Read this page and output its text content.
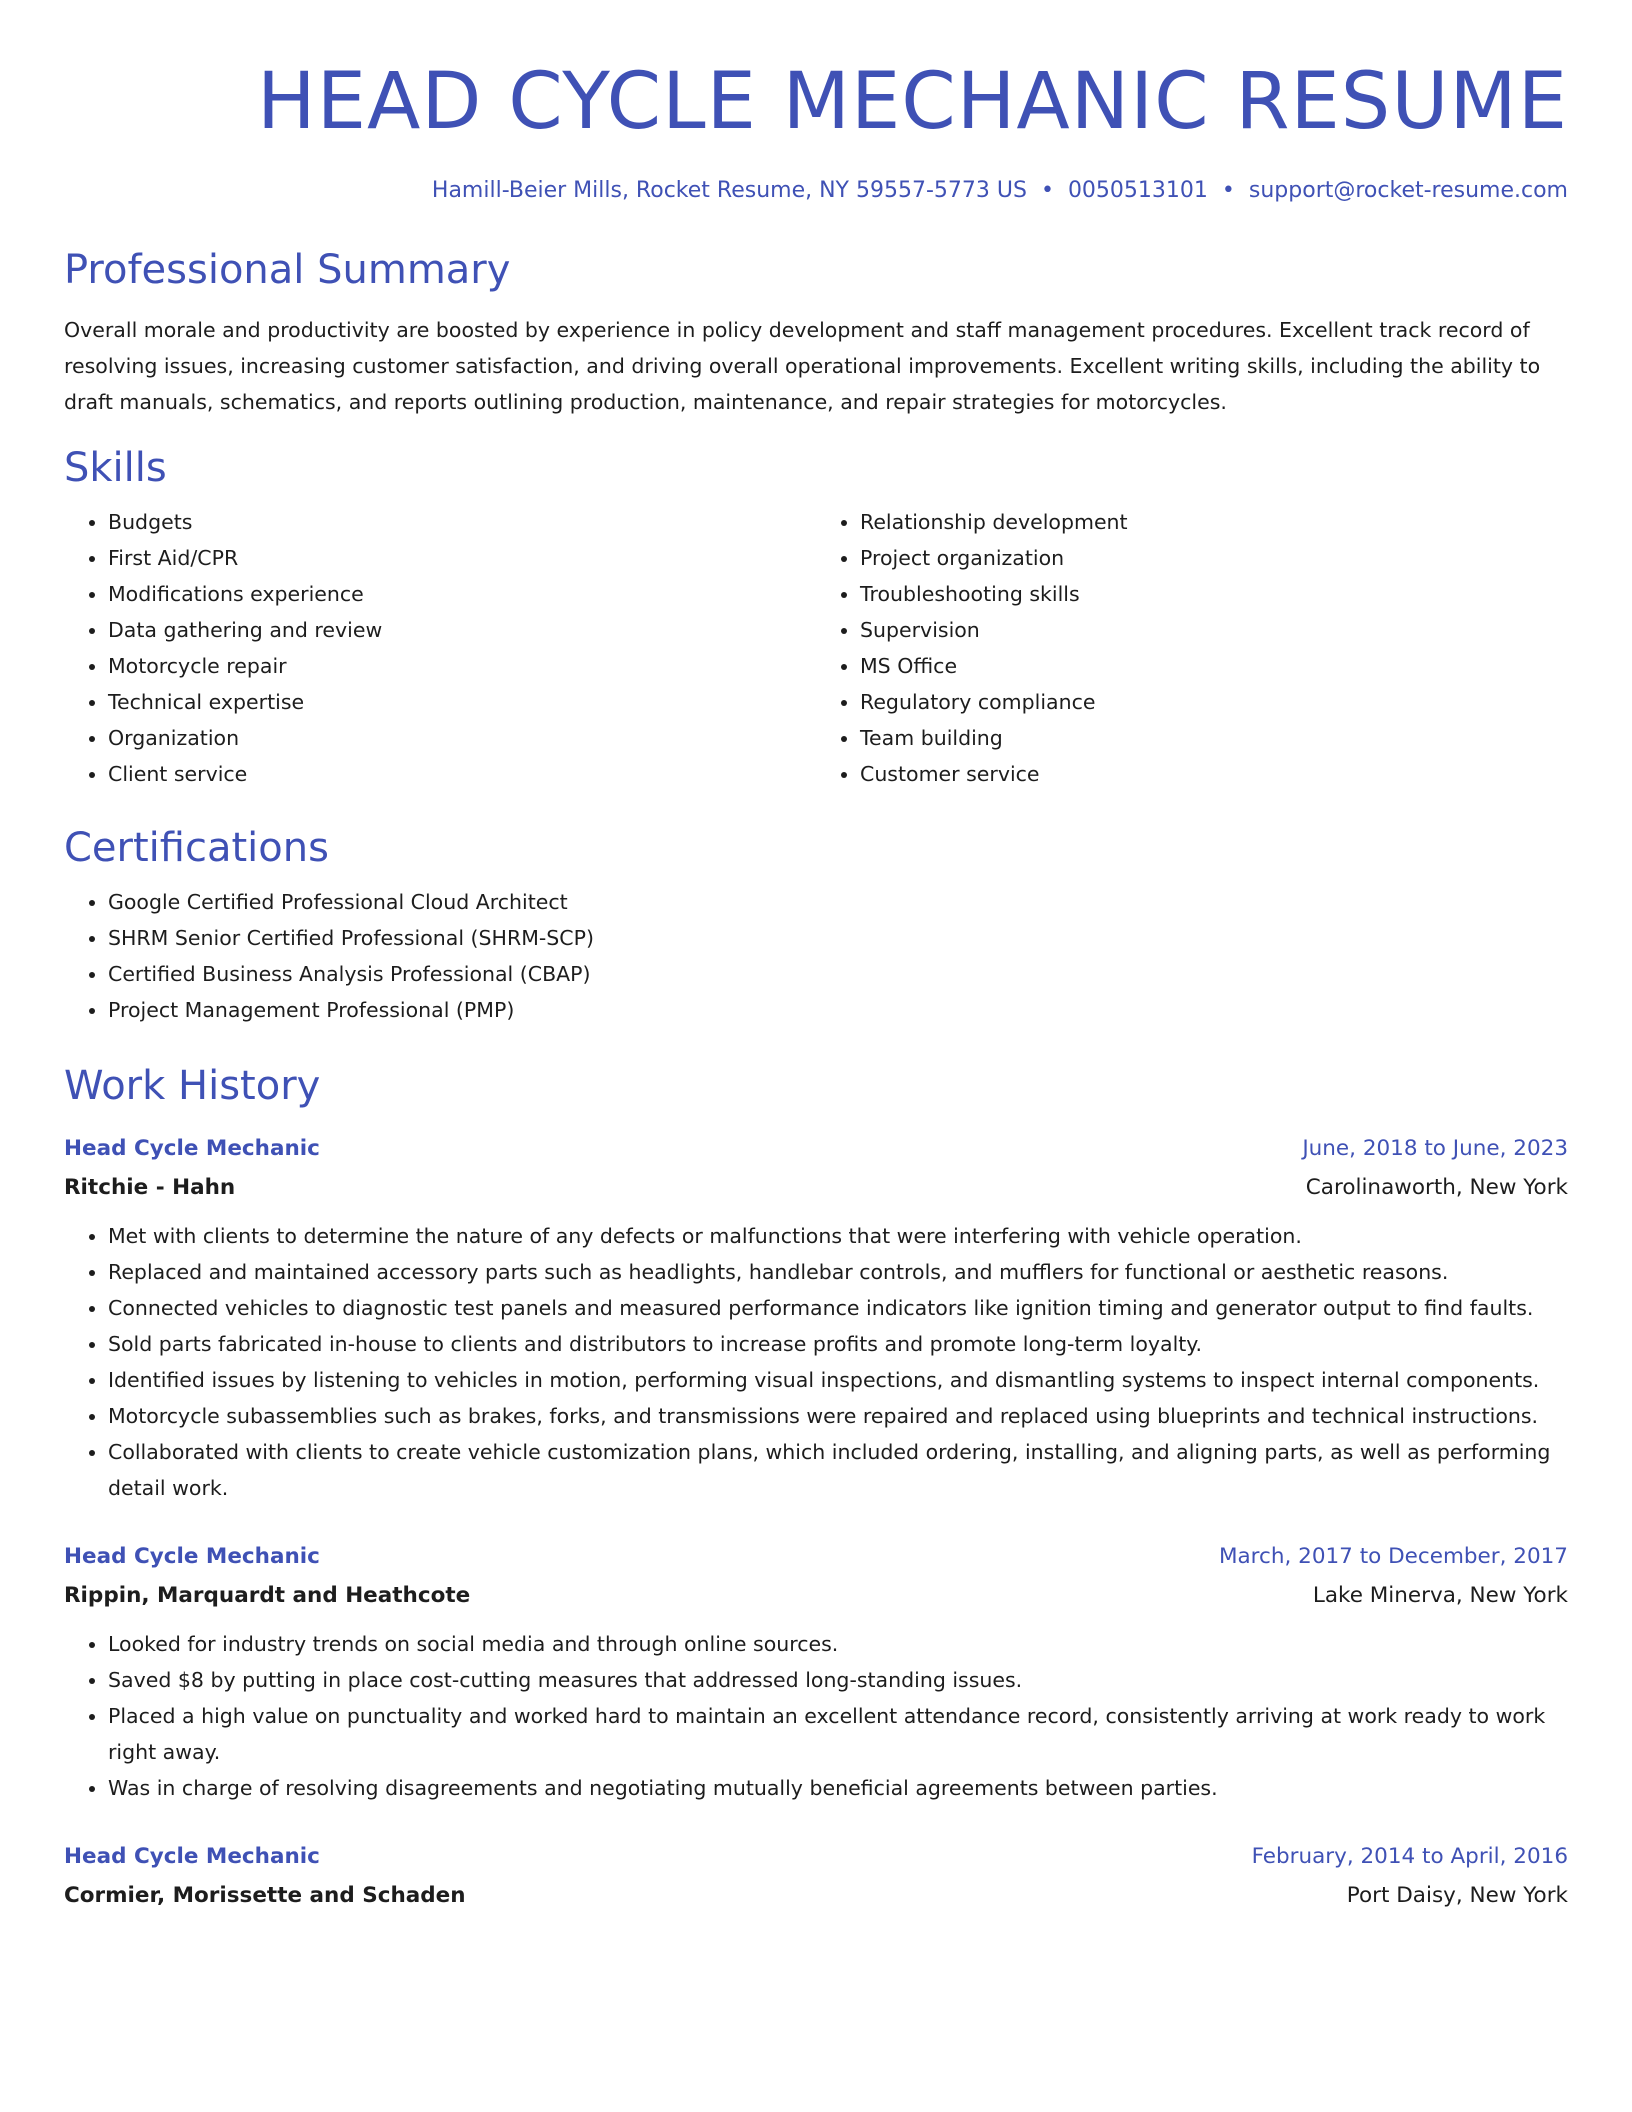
HEAD CYCLE MECHANIC RESUME
Hamill-Beier Mills, Rocket Resume, NY 59557-5773 US • 0050513101 • support@rocket-resume.com
Professional Summary

Overall morale and productivity are boosted by experience in policy development and staff management procedures. Excellent track record of resolving issues, increasing customer satisfaction, and driving overall operational improvements. Excellent writing skills, including the ability to draft manuals, schematics, and reports outlining production, maintenance, and repair strategies for motorcycles.

Skills
• Budgets
• First Aid/CPR
• Modifications experience
• Data gathering and review
• Motorcycle repair
• Technical expertise
• Organization
• Client service
• Relationship development
• Project organization
• Troubleshooting skills
• Supervision
• MS Office
• Regulatory compliance
• Team building
• Customer service
Certifications
• Google Certified Professional Cloud Architect
• SHRM Senior Certified Professional (SHRM-SCP)
• Certified Business Analysis Professional (CBAP)
• Project Management Professional (PMP)
Work History
Head Cycle Mechanic	June, 2018 to June, 2023
Ritchie - Hahn	Carolinaworth, New York
• Met with clients to determine the nature of any defects or malfunctions that were interfering with vehicle operation.
• Replaced and maintained accessory parts such as headlights, handlebar controls, and mufflers for functional or aesthetic reasons.
• Connected vehicles to diagnostic test panels and measured performance indicators like ignition timing and generator output to find faults.
• Sold parts fabricated in-house to clients and distributors to increase profits and promote long-term loyalty.
• Identified issues by listening to vehicles in motion, performing visual inspections, and dismantling systems to inspect internal components.
• Motorcycle subassemblies such as brakes, forks, and transmissions were repaired and replaced using blueprints and technical instructions.
• Collaborated with clients to create vehicle customization plans, which included ordering, installing, and aligning parts, as well as performing detail work.
Head Cycle Mechanic	March, 2017 to December, 2017
Rippin, Marquardt and Heathcote	Lake Minerva, New York
• Looked for industry trends on social media and through online sources.
• Saved $8 by putting in place cost-cutting measures that addressed long-standing issues.
• Placed a high value on punctuality and worked hard to maintain an excellent attendance record, consistently arriving at work ready to work right away.
• Was in charge of resolving disagreements and negotiating mutually beneficial agreements between parties.
Head Cycle Mechanic	February, 2014 to April, 2016
Cormier, Morissette and Schaden	Port Daisy, New York
